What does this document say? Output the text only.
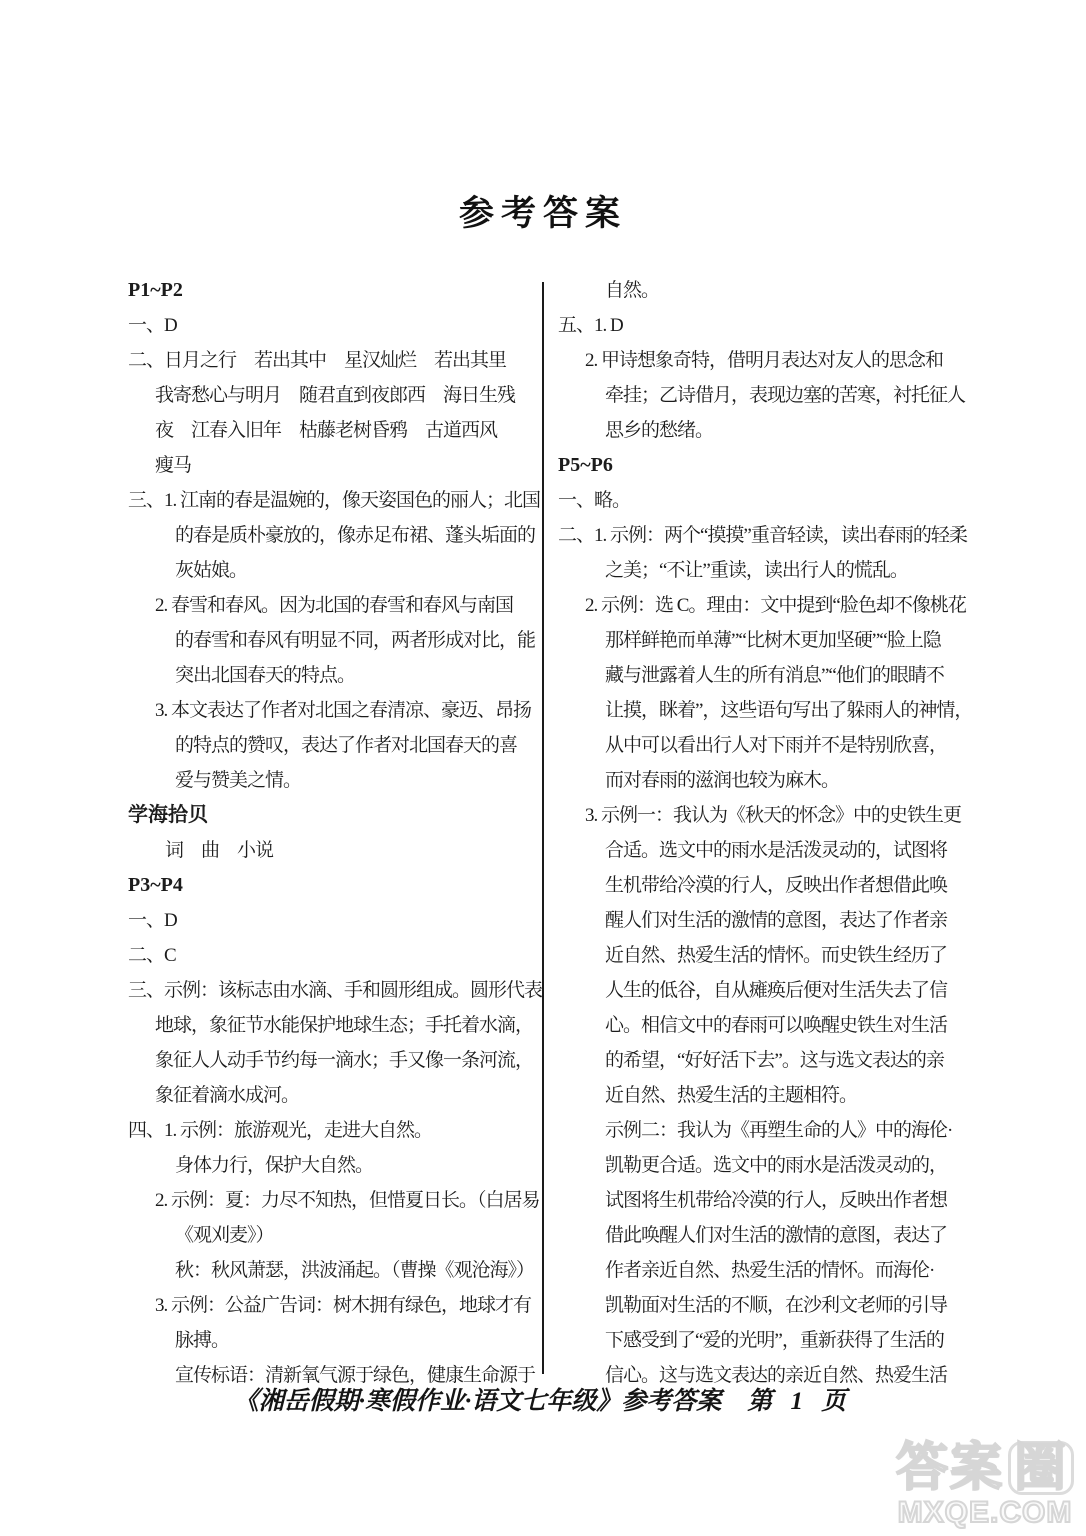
参考答案
P1~P2
一、D
二、日月之行　若出其中　星汉灿烂　若出其里
我寄愁心与明月　随君直到夜郎西　海日生残
夜　江春入旧年　枯藤老树昏鸦　古道西风
瘦马
三、1. 江南的春是温婉的，像天姿国色的丽人；北国
的春是质朴豪放的，像赤足布裙、蓬头垢面的
灰姑娘。
2. 春雪和春风。因为北国的春雪和春风与南国
的春雪和春风有明显不同，两者形成对比，能
突出北国春天的特点。
3. 本文表达了作者对北国之春清凉、豪迈、昂扬
的特点的赞叹，表达了作者对北国春天的喜
爱与赞美之情。
学海拾贝
词　曲　小说
P3~P4
一、D
二、C
三、示例：该标志由水滴、手和圆形组成。圆形代表
地球，象征节水能保护地球生态；手托着水滴，
象征人人动手节约每一滴水；手又像一条河流，
象征着滴水成河。
四、1. 示例：旅游观光，走进大自然。
身体力行，保护大自然。
2. 示例：夏：力尽不知热，但惜夏日长。（白居易
《观刈麦》）
秋：秋风萧瑟，洪波涌起。（曹操《观沧海》）
3. 示例：公益广告词：树木拥有绿色，地球才有
脉搏。
宣传标语：清新氧气源于绿色，健康生命源于
自然。
五、1. D
2. 甲诗想象奇特，借明月表达对友人的思念和
牵挂；乙诗借月，表现边塞的苦寒，衬托征人
思乡的愁绪。
P5~P6
一、略。
二、1. 示例：两个“摸摸”重音轻读，读出春雨的轻柔
之美；“不让”重读，读出行人的慌乱。
2. 示例：选 C。理由：文中提到“脸色却不像桃花
那样鲜艳而单薄”“比树木更加坚硬”“脸上隐
藏与泄露着人生的所有消息”“他们的眼睛不
让摸，眯着”，这些语句写出了躲雨人的神情，
从中可以看出行人对下雨并不是特别欣喜，
而对春雨的滋润也较为麻木。
3. 示例一：我认为《秋天的怀念》中的史铁生更
合适。选文中的雨水是活泼灵动的，试图将
生机带给冷漠的行人，反映出作者想借此唤
醒人们对生活的激情的意图，表达了作者亲
近自然、热爱生活的情怀。而史铁生经历了
人生的低谷，自从瘫痪后便对生活失去了信
心。相信文中的春雨可以唤醒史铁生对生活
的希望，“好好活下去”。这与选文表达的亲
近自然、热爱生活的主题相符。
示例二：我认为《再塑生命的人》中的海伦·
凯勒更合适。选文中的雨水是活泼灵动的，
试图将生机带给冷漠的行人，反映出作者想
借此唤醒人们对生活的激情的意图，表达了
作者亲近自然、热爱生活的情怀。而海伦·
凯勒面对生活的不顺，在沙利文老师的引导
下感受到了“爱的光明”，重新获得了生活的
信心。这与选文表达的亲近自然、热爱生活
《湘岳假期·寒假作业·语文七年级》参考答案 第 1 页
答案 圈
MXQE.COM
